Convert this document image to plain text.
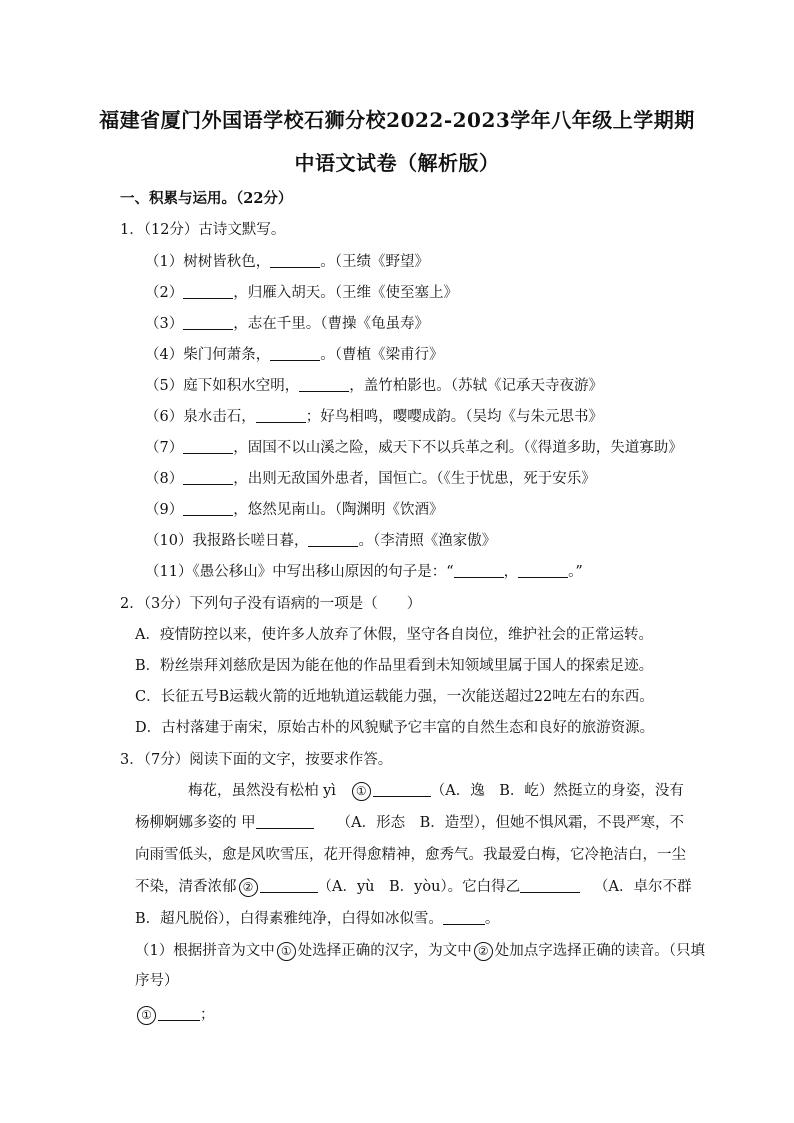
福建省厦门外国语学校石狮分校2022-2023学年八年级上学期期
中语文试卷（解析版）
一、积累与运用。（22分）
1．（12分）古诗文默写。
（1）树树皆秋色，	。（王绩《野望》
（2）	，归雁入胡天。（王维《使至塞上》
（3）	，志在千里。（曹操《龟虽寿》
（4）柴门何萧条，	。（曹植《梁甫行》
（5）庭下如积水空明，	，盖竹柏影也。（苏轼《记承天寺夜游》
（6）泉水击石，	；好鸟相鸣，嘤嘤成韵。（吴均《与朱元思书》
（7）	，固国不以山溪之险，威天下不以兵革之利。（《得道多助，失道寡助》
（8）	，出则无敌国外患者，国恒亡。（《生于忧患，死于安乐》
（9）	，悠然见南山。（陶渊明《饮酒》
（10）我报路长嗟日暮，	。（李清照《渔家傲》
（11）《愚公移山》中写出移山原因的句子是：“	，	。”
2．（3分）下列句子没有语病的一项是（　　）
A．疫情防控以来，使许多人放弃了休假，坚守各自岗位，维护社会的正常运转。
B．粉丝崇拜刘慈欣是因为能在他的作品里看到未知领域里属于国人的探索足迹。
C．长征五号B运载火箭的近地轨道运载能力强，一次能送超过22吨左右的东西。
D．古村落建于南宋，原始古朴的风貌赋予它丰富的自然生态和良好的旅游资源。
3．（7分）阅读下面的文字，按要求作答。
梅花，虽然没有松柏 yì ①	（A．逸　B．屹）然挺立的身姿，没有
杨柳婀娜多姿的 甲	（A．形态　B．造型），但她不惧风霜，不畏严寒，不
向雨雪低头，愈是风吹雪压，花开得愈精神，愈秀气。我最爱白梅，它冷艳洁白，一尘
不染，清香浓郁 ②	（A．yù　B．yòu）。它白得乙	（A．卓尔不群
B．超凡脱俗），白得素雅纯净，白得如冰似雪。	。
（1）根据拼音为文中 ① 处选择正确的汉字，为文中 ② 处加点字选择正确的读音。（只填
序号）
①	；
